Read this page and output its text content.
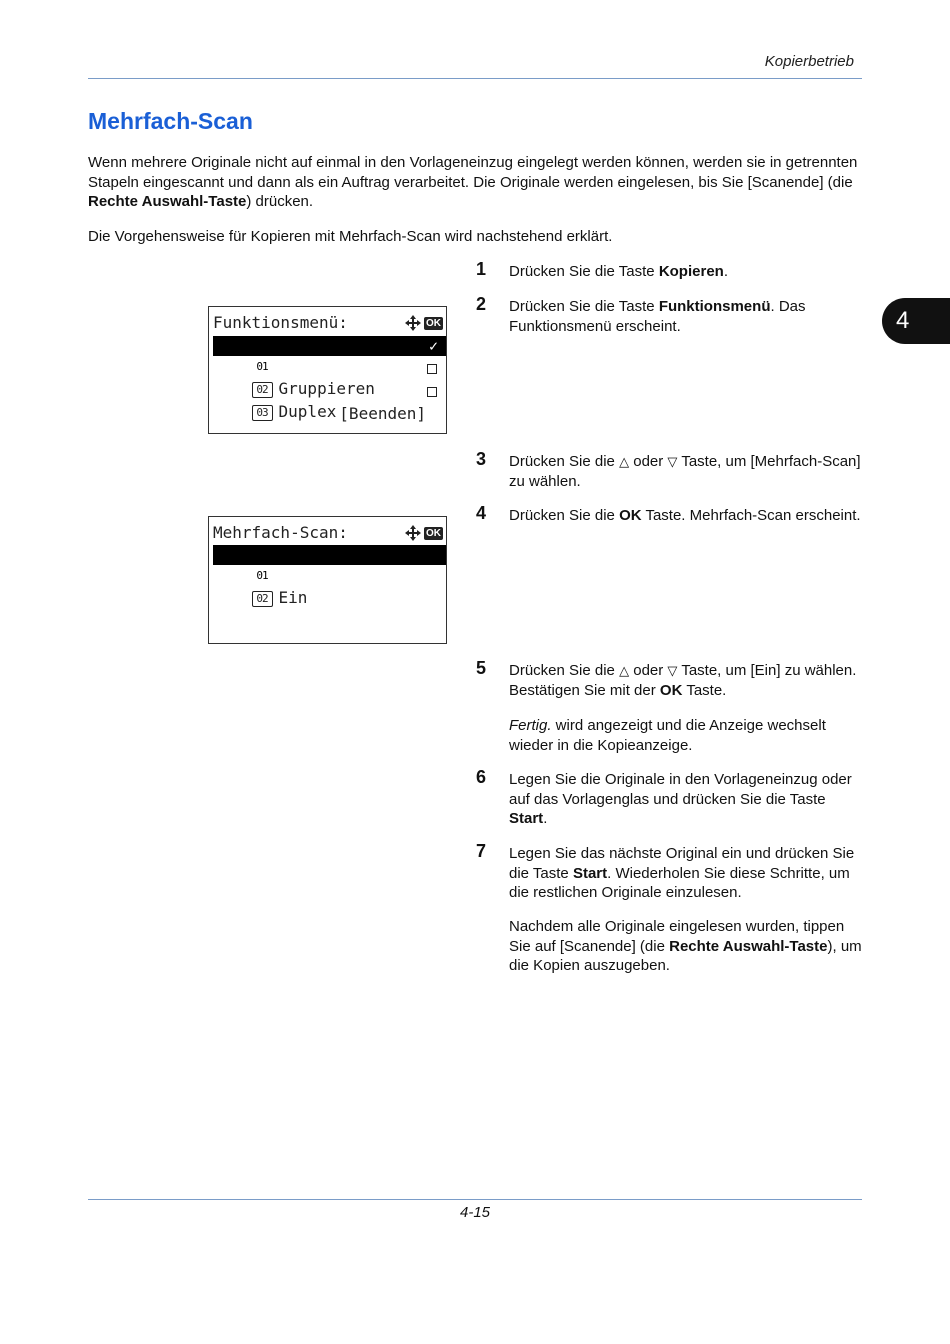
Kopierbetrieb
4
Mehrfach-Scan

Wenn mehrere Originale nicht auf einmal in den Vorlageneinzug eingelegt werden können, werden sie in getrennten Stapeln eingescannt und dann als ein Auftrag verarbeitet. Die Originale werden eingelesen, bis Sie [Scanende] (die Rechte Auswahl-Taste) drücken.

Die Vorgehensweise für Kopieren mit Mehrfach-Scan wird nachstehend erklärt.

1 Drücken Sie die Taste Kopieren.
2 Drücken Sie die Taste Funktionsmenü. Das Funktionsmenü erscheint.
3 Drücken Sie die △ oder ▽ Taste, um [Mehrfach-Scan] zu wählen.
4 Drücken Sie die OK Taste. Mehrfach-Scan erscheint.
5 Drücken Sie die △ oder ▽ Taste, um [Ein] zu wählen. Bestätigen Sie mit der OK Taste.

Fertig. wird angezeigt und die Anzeige wechselt wieder in die Kopieanzeige.

6 Legen Sie die Originale in den Vorlageneinzug oder auf das Vorlagenglas und drücken Sie die Taste Start.
7 Legen Sie das nächste Original ein und drücken Sie die Taste Start. Wiederholen Sie diese Schritte, um die restlichen Originale einzulesen.

Nachdem alle Originale eingelesen wurden, tippen Sie auf [Scanende] (die Rechte Auswahl-Taste), um die Kopien auszugeben.

Funktionsmenü:	OK

01 Papierauswahl

✓

02 Gruppieren

03 Duplex

[Beenden]
Mehrfach-Scan:	OK

01 *Aus

02 Ein

4-15
